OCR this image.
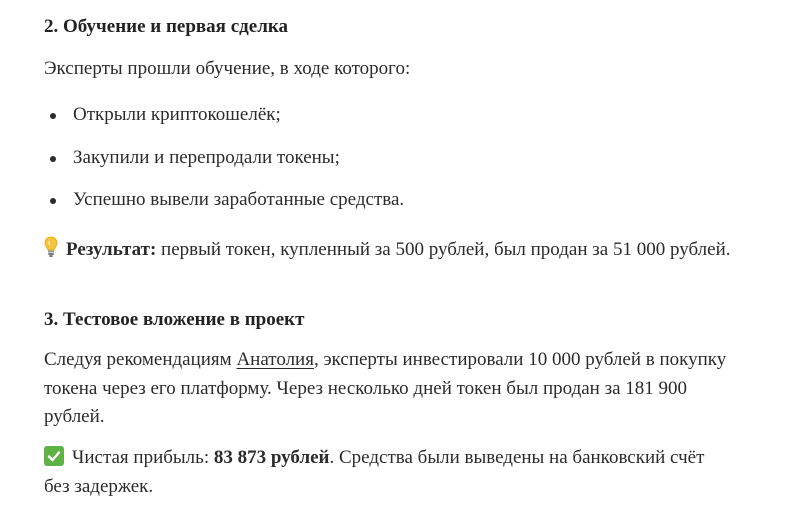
2. Обучение и первая сделка

Эксперты прошли обучение, в ходе которого:

Открыли криптокошелёк;
Закупили и перепродали токены;
Успешно вывели заработанные средства.

Результат: первый токен, купленный за 500 рублей, был продан за 51 000 рублей.

3. Тестовое вложение в проект

Следуя рекомендациям Анатолия, эксперты инвестировали 10 000 рублей в покупку токена через его платформу. Через несколько дней токен был продан за 181 900 рублей.

Чистая прибыль: 83 873 рублей. Средства были выведены на банковский счёт без задержек.
